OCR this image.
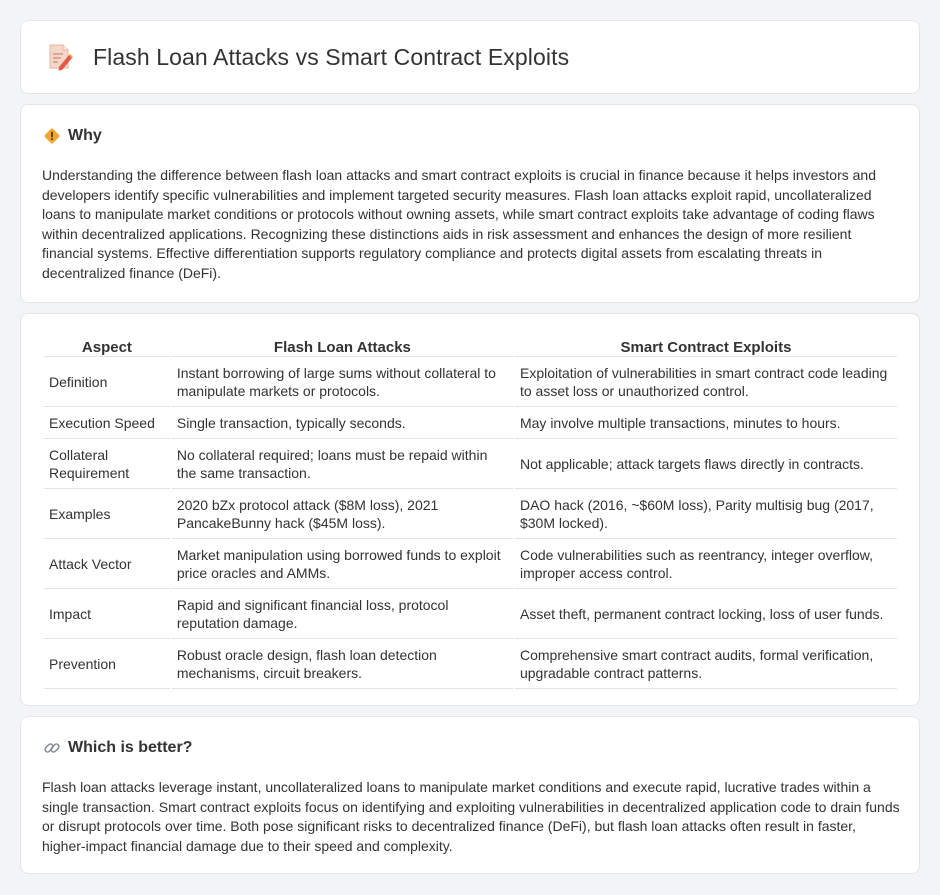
Flash Loan Attacks vs Smart Contract Exploits
Why

Understanding the difference between flash loan attacks and smart contract exploits is crucial in finance because it helps investors and developers identify specific vulnerabilities and implement targeted security measures. Flash loan attacks exploit rapid, uncollateralized loans to manipulate market conditions or protocols without owning assets, while smart contract exploits take advantage of coding flaws within decentralized applications. Recognizing these distinctions aids in risk assessment and enhances the design of more resilient financial systems. Effective differentiation supports regulatory compliance and protects digital assets from escalating threats in decentralized finance (DeFi).

Aspect	Flash Loan Attacks	Smart Contract Exploits
Definition	Instant borrowing of large sums without collateral to manipulate markets or protocols.	Exploitation of vulnerabilities in smart contract code leading to asset loss or unauthorized control.
Execution Speed	Single transaction, typically seconds.	May involve multiple transactions, minutes to hours.
Collateral Requirement	No collateral required; loans must be repaid within the same transaction.	Not applicable; attack targets flaws directly in contracts.
Examples	2020 bZx protocol attack ($8M loss), 2021 PancakeBunny hack ($45M loss).	DAO hack (2016, ~$60M loss), Parity multisig bug (2017, $30M locked).
Attack Vector	Market manipulation using borrowed funds to exploit price oracles and AMMs.	Code vulnerabilities such as reentrancy, integer overflow, improper access control.
Impact	Rapid and significant financial loss, protocol reputation damage.	Asset theft, permanent contract locking, loss of user funds.
Prevention	Robust oracle design, flash loan detection mechanisms, circuit breakers.	Comprehensive smart contract audits, formal verification, upgradable contract patterns.
Which is better?

Flash loan attacks leverage instant, uncollateralized loans to manipulate market conditions and execute rapid, lucrative trades within a single transaction. Smart contract exploits focus on identifying and exploiting vulnerabilities in decentralized application code to drain funds or disrupt protocols over time. Both pose significant risks to decentralized finance (DeFi), but flash loan attacks often result in faster, higher-impact financial damage due to their speed and complexity.
